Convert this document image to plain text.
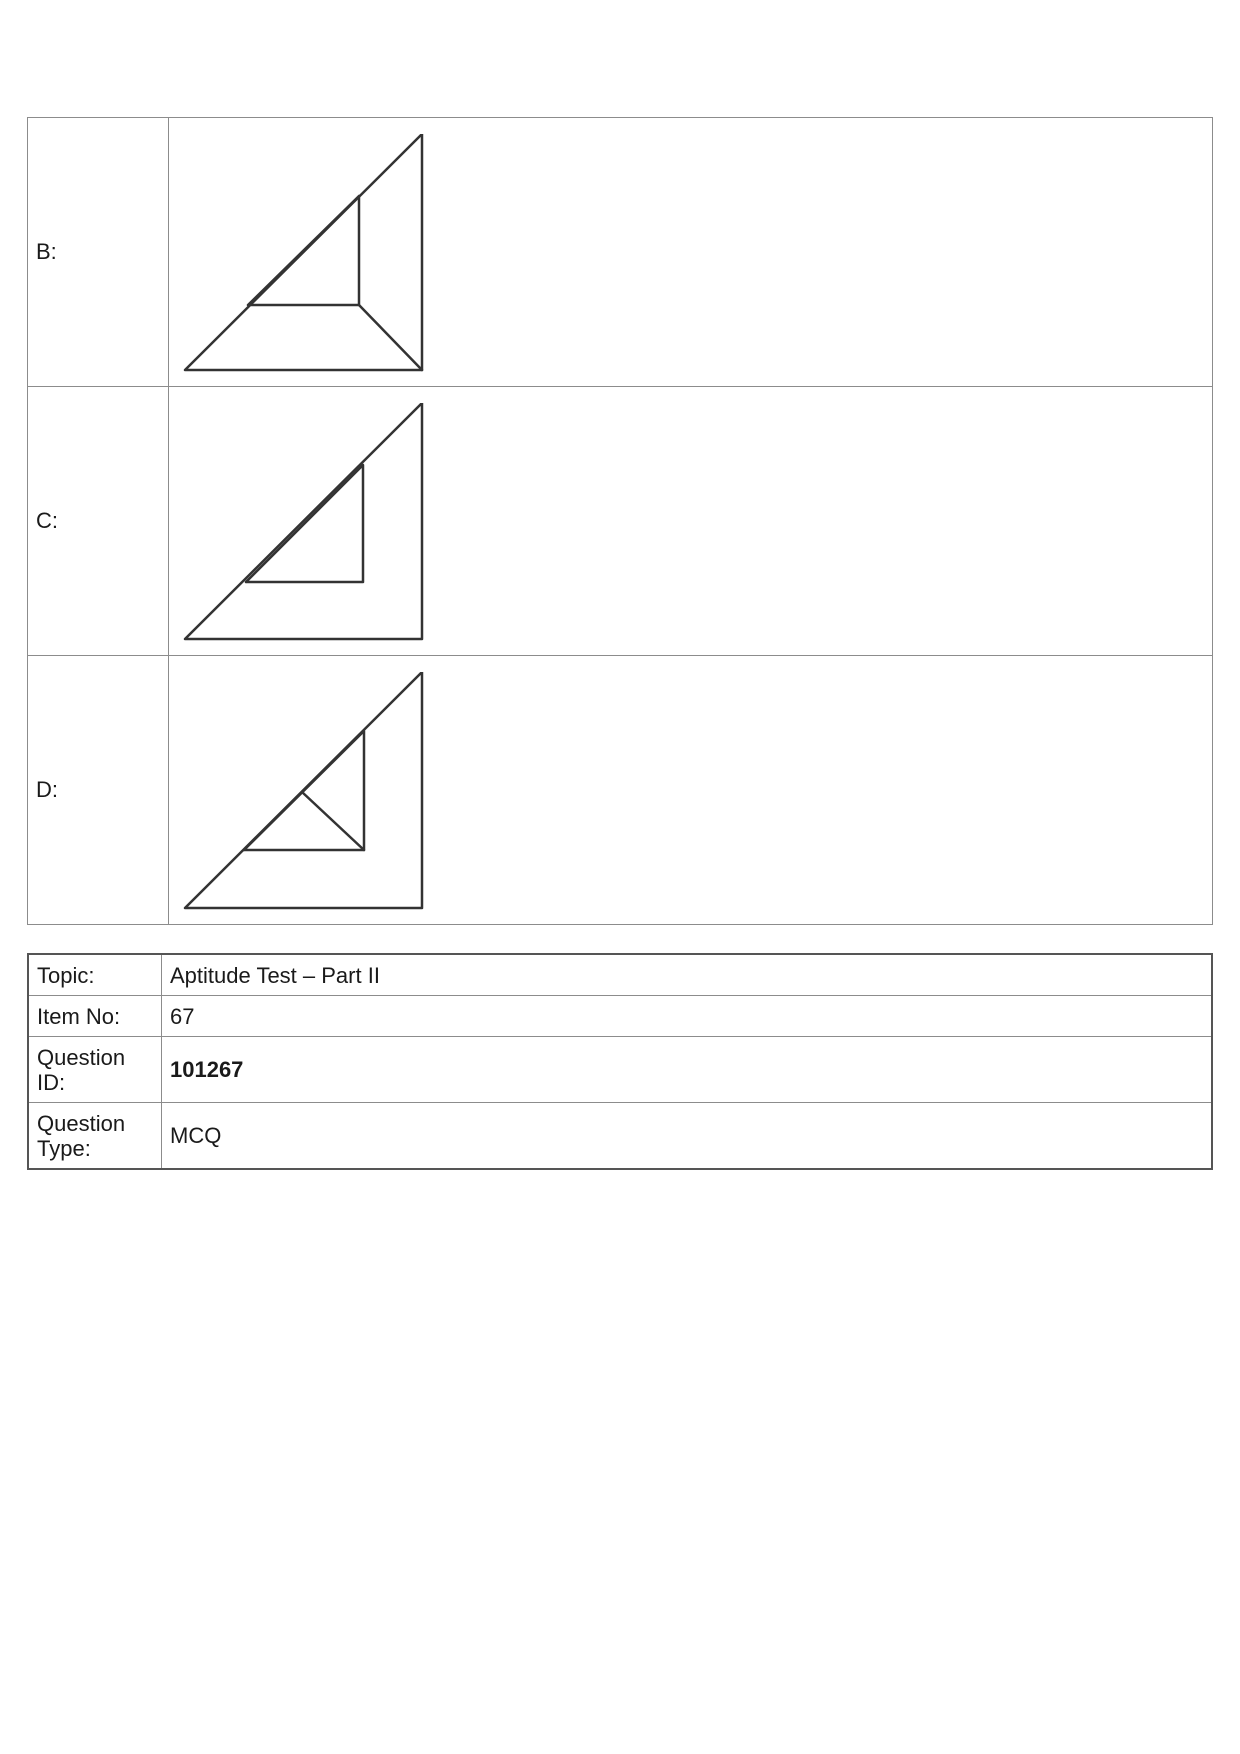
B:	

C:	

D:	
Topic:	Aptitude Test – Part II
Item No:	67
Question ID:	101267
Question Type:	MCQ
